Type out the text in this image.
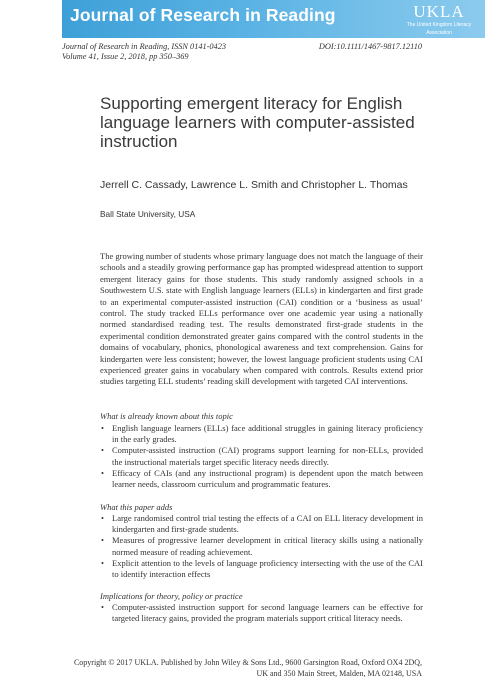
Journal of Research in Reading	UKLA
The United Kingdom Literacy Association
Journal of Research in Reading, ISSN 0141-0423	DOI:10.1111/1467-9817.12110
Volume 41, Issue 2, 2018, pp 350–369
Supporting emergent literacy for English language learners with computer-assisted instruction
Jerrell C. Cassady, Lawrence L. Smith and Christopher L. Thomas
Ball State University, USA
The growing number of students whose primary language does not match the language of their schools and a steadily growing performance gap has prompted widespread attention to support emergent literacy gains for those students. This study randomly assigned schools in a Southwestern U.S. state with English language learners (ELLs) in kindergarten and first grade to an experimental computer-assisted instruction (CAI) condition or a ‘business as usual’ control. The study tracked ELLs performance over one academic year using a nationally normed standardised reading test. The results demonstrated first-grade students in the experimental condition demonstrated greater gains compared with the control students in the domains of vocabulary, phonics, phonological awareness and text comprehension. Gains for kindergarten were less consistent; however, the lowest language proficient students using CAI experienced greater gains in vocabulary when compared with controls. Results extend prior studies targeting ELL students’ reading skill development with targeted CAI interventions.
What is already known about this topic
• English language learners (ELLs) face additional struggles in gaining literacy proficiency in the early grades.
• Computer-assisted instruction (CAI) programs support learning for non-ELLs, provided the instructional materials target specific literacy needs directly.
• Efficacy of CAIs (and any instructional program) is dependent upon the match between learner needs, classroom curriculum and programmatic features.
What this paper adds
• Large randomised control trial testing the effects of a CAI on ELL literacy development in kindergarten and first-grade students.
• Measures of progressive learner development in critical literacy skills using a nationally normed measure of reading achievement.
• Explicit attention to the levels of language proficiency intersecting with the use of the CAI to identify interaction effects
Implications for theory, policy or practice
• Computer-assisted instruction support for second language learners can be effective for targeted literacy gains, provided the program materials support critical literacy needs.
Copyright © 2017 UKLA. Published by John Wiley & Sons Ltd., 9600 Garsington Road, Oxford OX4 2DQ,
UK and 350 Main Street, Malden, MA 02148, USA
